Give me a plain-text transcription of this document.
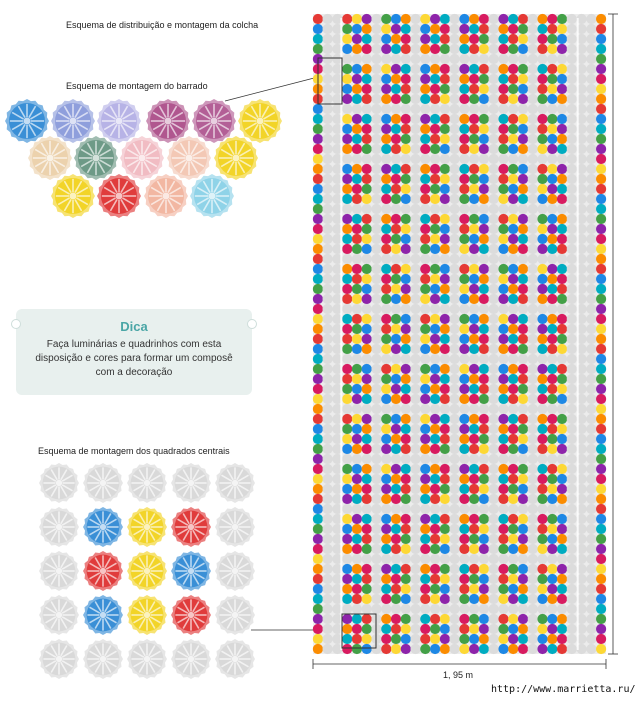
Esquema de distribuição e montagem da colcha
Esquema de montagem do barrado
Esquema de montagem dos quadrados centrais
Dica
Faça luminárias e quadrinhos com esta disposição e cores para formar um composê com a decoração
1, 95 m
http://www.marrietta.ru/
